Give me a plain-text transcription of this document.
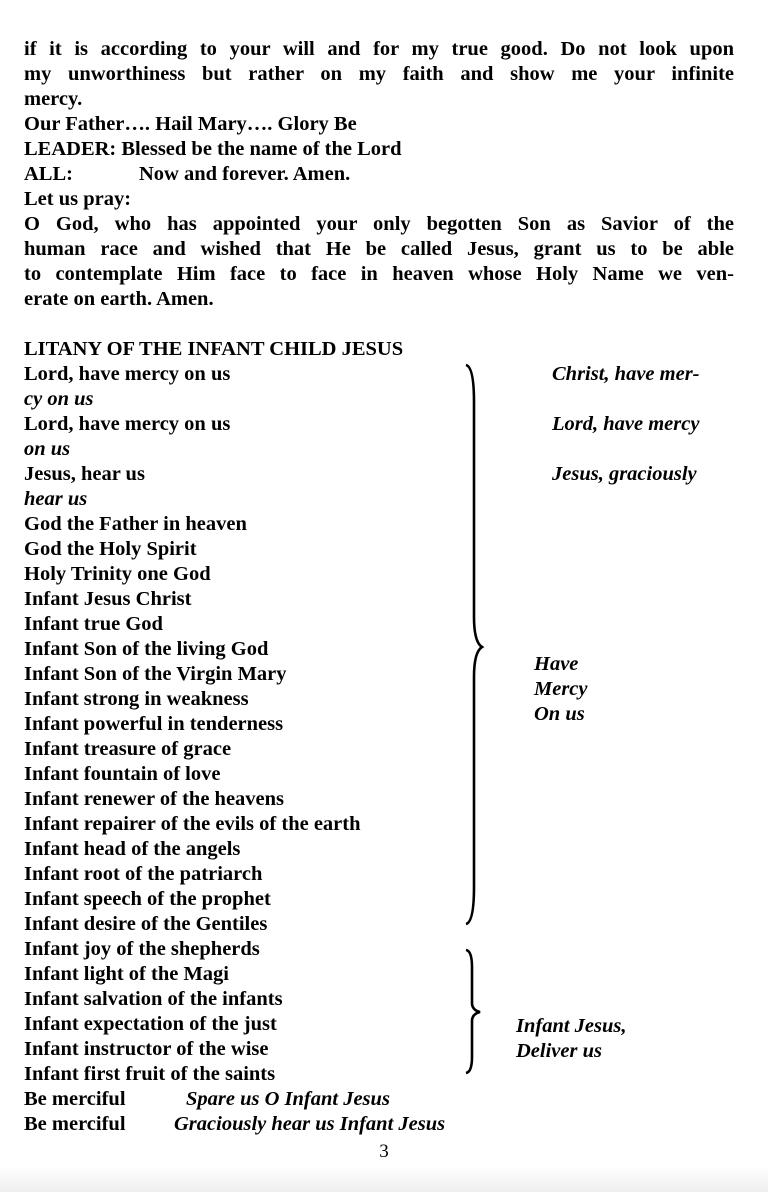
if it is according to your will and for my true good. Do not look upon
my unworthiness but rather on my faith and show me your infinite
mercy.
Our Father…. Hail Mary…. Glory Be
LEADER: Blessed be the name of the Lord
ALL:	Now and forever. Amen.
Let us pray:
O God, who has appointed your only begotten Son as Savior of the
human race and wished that He be called Jesus, grant us to be able
to contemplate Him face to face in heaven whose Holy Name we ven-
erate on earth. Amen.
LITANY OF THE INFANT CHILD JESUS
Lord, have mercy on us	Christ, have mer-
cy on us
Lord, have mercy on us	Lord, have mercy
on us
Jesus, hear us	Jesus, graciously
hear us
God the Father in heaven
God the Holy Spirit
Holy Trinity one God
Infant Jesus Christ
Infant true God
Infant Son of the living God
Infant Son of the Virgin Mary
Infant strong in weakness
Infant powerful in tenderness
Infant treasure of grace
Infant fountain of love
Infant renewer of the heavens
Infant repairer of the evils of the earth
Infant head of the angels
Infant root of the patriarch
Infant speech of the prophet
Infant desire of the Gentiles
Infant joy of the shepherds
Infant light of the Magi
Infant salvation of the infants
Infant expectation of the just
Infant instructor of the wise
Infant first fruit of the saints
Be merciful	Spare us O Infant Jesus
Be merciful Graciously hear us Infant Jesus
Have
Mercy
On us
Infant Jesus,
Deliver us
3
